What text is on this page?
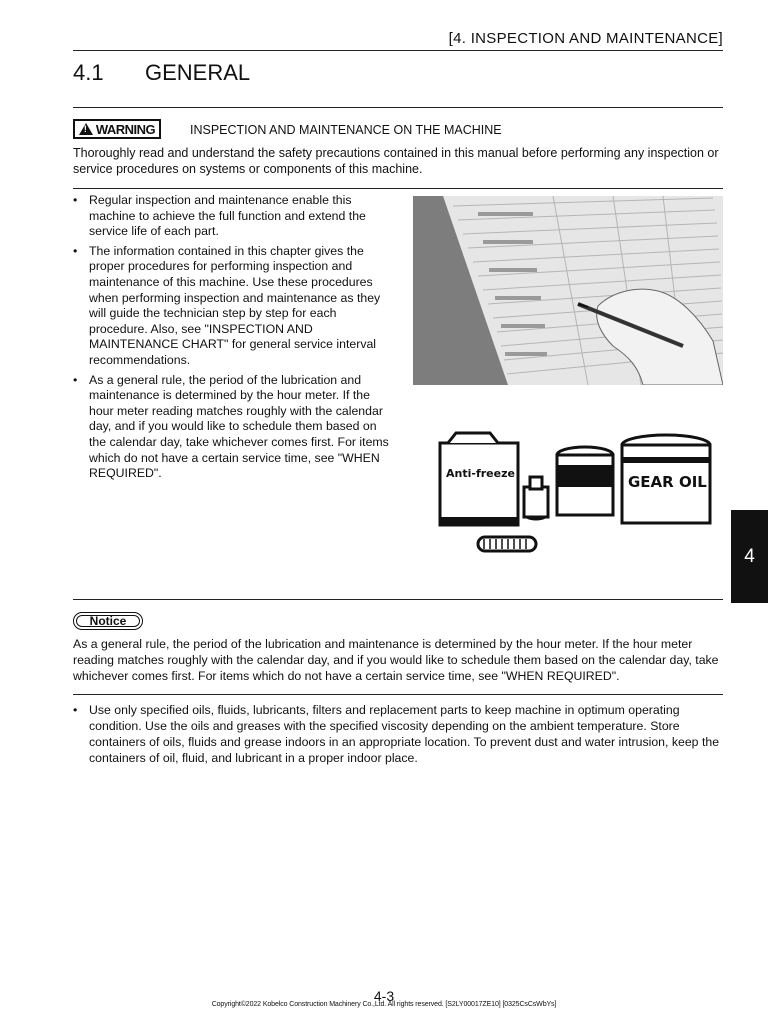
[4. INSPECTION AND MAINTENANCE]
4.1 GENERAL
!
WARNING	INSPECTION AND MAINTENANCE ON THE MACHINE
Thoroughly read and understand the safety precautions contained in this manual before performing any inspection or service procedures on systems or components of this machine.
• Regular inspection and maintenance enable this machine to achieve the full function and extend the service life of each part.
• The information contained in this chapter gives the proper procedures for performing inspection and maintenance of this machine. Use these procedures when performing inspection and maintenance as they will guide the technician step by step for each procedure. Also, see "INSPECTION AND MAINTENANCE CHART" for general service interval recommendations.
• As a general rule, the period of the lubrication and maintenance is determined by the hour meter. If the hour meter reading matches roughly with the calendar day, and if you would like to schedule them based on the calendar day, take whichever comes first. For items which do not have a certain service time, see "WHEN REQUIRED".	Anti-freeze	GEAR OIL
4
Notice
As a general rule, the period of the lubrication and maintenance is determined by the hour meter. If the hour meter reading matches roughly with the calendar day, and if you would like to schedule them based on the calendar day, take whichever comes first. For items which do not have a certain service time, see "WHEN REQUIRED".
• Use only specified oils, fluids, lubricants, filters and replacement parts to keep machine in optimum operating condition. Use the oils and greases with the specified viscosity depending on the ambient temperature. Store containers of oils, fluids and grease indoors in an appropriate location. To prevent dust and water intrusion, keep the containers of oil, fluid, and lubricant in a proper indoor place.
4-3
Copyright©2022 Kobelco Construction Machinery Co.,Ltd. All rights reserved. [S2LY00017ZE10] [0325CsCsWbYs]
